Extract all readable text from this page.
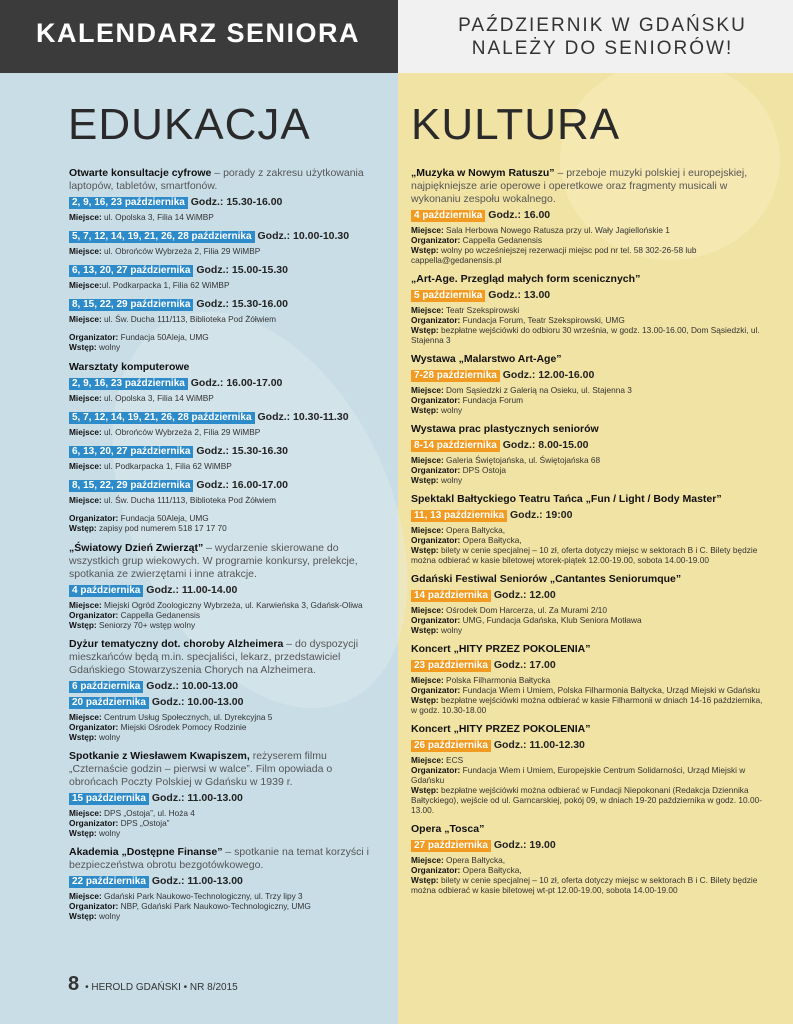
KALENDARZ SENIORA	PAŹDZIERNIK W GDAŃSKU
NALEŻY DO SENIORÓW!
EDUKACJA KULTURA
Otwarte konsultacje cyfrowe – porady z zakresu użytkowania laptopów, tabletów, smartfonów.
2, 9, 16, 23 października Godz.: 15.30-16.00
Miejsce: ul. Opolska 3, Filia 14 WiMBP
5, 7, 12, 14, 19, 21, 26, 28 października Godz.: 10.00-10.30
Miejsce: ul. Obrońców Wybrzeża 2, Filia 29 WiMBP
6, 13, 20, 27 października Godz.: 15.00-15.30
Miejsce:ul. Podkarpacka 1, Filia 62 WiMBP
8, 15, 22, 29 października Godz.: 15.30-16.00
Miejsce: ul. Św. Ducha 111/113, Biblioteka Pod Żółwiem
Organizator: Fundacja 50Aleja, UMG
Wstęp: wolny
Warsztaty komputerowe
2, 9, 16, 23 października Godz.: 16.00-17.00
Miejsce: ul. Opolska 3, Filia 14 WiMBP
5, 7, 12, 14, 19, 21, 26, 28 października Godz.: 10.30-11.30
Miejsce: ul. Obrońców Wybrzeża 2, Filia 29 WiMBP
6, 13, 20, 27 października Godz.: 15.30-16.30
Miejsce: ul. Podkarpacka 1, Filia 62 WiMBP
8, 15, 22, 29 października Godz.: 16.00-17.00
Miejsce: ul. Św. Ducha 111/113, Biblioteka Pod Żółwiem
Organizator: Fundacja 50Aleja, UMG
Wstęp: zapisy pod numerem 518 17 17 70
„Światowy Dzień Zwierząt” – wydarzenie skierowane do wszystkich grup wiekowych. W programie konkursy, prelekcje, spotkania ze zwierzętami i inne atrakcje.
4 października Godz.: 11.00-14.00
Miejsce: Miejski Ogród Zoologiczny Wybrzeża, ul. Karwieńska 3, Gdańsk-Oliwa
Organizator: Cappella Gedanensis
Wstęp: Seniorzy 70+ wstęp wolny
Dyżur tematyczny dot. choroby Alzheimera – do dyspozycji mieszkańców będą m.in. specjaliści, lekarz, przedstawiciel Gdańskiego Stowarzyszenia Chorych na Alzheimera.
6 października Godz.: 10.00-13.00
20 października Godz.: 10.00-13.00
Miejsce: Centrum Usług Społecznych, ul. Dyrekcyjna 5
Organizator: Miejski Ośrodek Pomocy Rodzinie
Wstęp: wolny
Spotkanie z Wiesławem Kwapiszem, reżyserem filmu „Czternaście godzin – pierwsi w walce”. Film opowiada o obrońcach Poczty Polskiej w Gdańsku w 1939 r.
15 października Godz.: 11.00-13.00
Miejsce: DPS „Ostoja”, ul. Hoża 4
Organizator: DPS „Ostoja”
Wstęp: wolny
Akademia „Dostępne Finanse” – spotkanie na temat korzyści i bezpieczeństwa obrotu bezgotówkowego.
22 października Godz.: 11.00-13.00
Miejsce: Gdański Park Naukowo-Technologiczny, ul. Trzy lipy 3
Organizator: NBP, Gdański Park Naukowo-Technologiczny, UMG
Wstęp: wolny
„Muzyka w Nowym Ratuszu” – przeboje muzyki polskiej i europejskiej, najpiękniejsze arie operowe i operetkowe oraz fragmenty musicali w wykonaniu zespołu wokalnego.
4 października Godz.: 16.00
Miejsce: Sala Herbowa Nowego Ratusza przy ul. Wały Jagiellońskie 1
Organizator: Cappella Gedanensis
Wstęp: wolny po wcześniejszej rezerwacji miejsc pod nr tel. 58 302-26-58 lub cappella@gedanensis.pl
„Art-Age. Przegląd małych form scenicznych”
5 października Godz.: 13.00
Miejsce: Teatr Szekspirowski
Organizator: Fundacja Forum, Teatr Szekspirowski, UMG
Wstęp: bezpłatne wejściówki do odbioru 30 września, w godz. 13.00-16.00, Dom Sąsiedzki, ul. Stajenna 3
Wystawa „Malarstwo Art-Age”
7-28 października Godz.: 12.00-16.00
Miejsce: Dom Sąsiedzki z Galerią na Osieku, ul. Stajenna 3
Organizator: Fundacja Forum
Wstęp: wolny
Wystawa prac plastycznych seniorów
8-14 października Godz.: 8.00-15.00
Miejsce: Galeria Świętojańska, ul. Świętojańska 68
Organizator: DPS Ostoja
Wstęp: wolny
Spektakl Bałtyckiego Teatru Tańca „Fun / Light / Body Master”
11, 13 października Godz.: 19:00
Miejsce: Opera Bałtycka,
Organizator: Opera Bałtycka,
Wstęp: bilety w cenie specjalnej – 10 zł, oferta dotyczy miejsc w sektorach B i C. Bilety będzie można odbierać w kasie biletowej wtorek-piątek 12.00-19.00, sobota 14.00-19.00
Gdański Festiwal Seniorów „Cantantes Seniorumque”
14 października Godz.: 12.00
Miejsce: Ośrodek Dom Harcerza, ul. Za Murami 2/10
Organizator: UMG, Fundacja Gdańska, Klub Seniora Motława
Wstęp: wolny
Koncert „HITY PRZEZ POKOLENIA”
23 października Godz.: 17.00
Miejsce: Polska Filharmonia Bałtycka
Organizator: Fundacja Wiem i Umiem, Polska Filharmonia Bałtycka, Urząd Miejski w Gdańsku
Wstęp: bezpłatne wejściówki można odbierać w kasie Filharmonii w dniach 14-16 października, w godz. 10.30-18.00
Koncert „HITY PRZEZ POKOLENIA”
26 października Godz.: 11.00-12.30
Miejsce: ECS
Organizator: Fundacja Wiem i Umiem, Europejskie Centrum Solidarności, Urząd Miejski w Gdańsku
Wstęp: bezpłatne wejściówki można odbierać w Fundacji Niepokonani (Redakcja Dziennika Bałtyckiego), wejście od ul. Garncarskiej, pokój 09, w dniach 19-20 października w godz. 10.00-13.00.
Opera „Tosca”
27 października Godz.: 19.00
Miejsce: Opera Bałtycka,
Organizator: Opera Bałtycka,
Wstęp: bilety w cenie specjalnej – 10 zł, oferta dotyczy miejsc w sektorach B i C. Bilety będzie można odbierać w kasie biletowej wt-pt 12.00-19.00, sobota 14.00-19.00
8 • HEROLD GDAŃSKI • NR 8/2015
